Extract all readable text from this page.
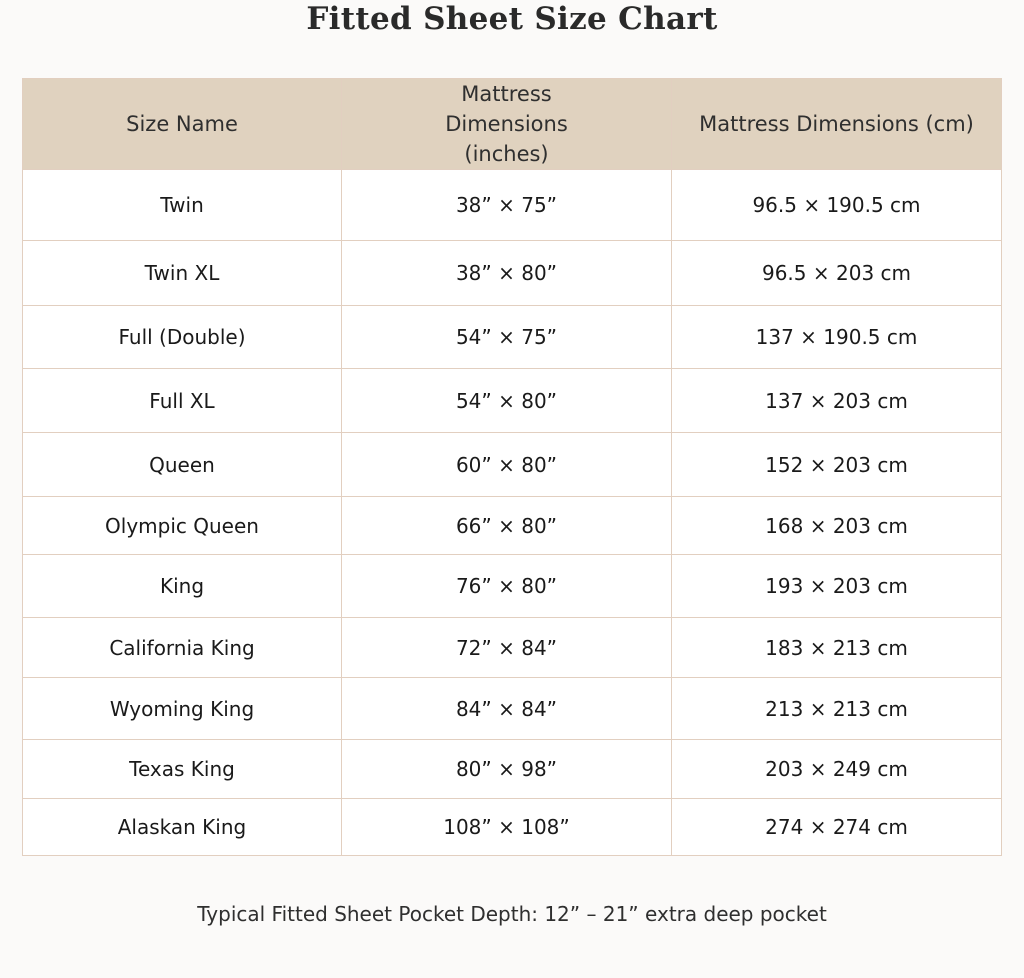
Fitted Sheet Size Chart
Size Name	Mattress Dimensions (inches)	Mattress Dimensions (cm)
Twin	38” × 75”	96.5 × 190.5 cm
Twin XL	38” × 80”	96.5 × 203 cm
Full (Double)	54” × 75”	137 × 190.5 cm
Full XL	54” × 80”	137 × 203 cm
Queen	60” × 80”	152 × 203 cm
Olympic Queen	66” × 80”	168 × 203 cm
King	76” × 80”	193 × 203 cm
California King	72” × 84”	183 × 213 cm
Wyoming King	84” × 84”	213 × 213 cm
Texas King	80” × 98”	203 × 249 cm
Alaskan King	108” × 108”	274 × 274 cm
Typical Fitted Sheet Pocket Depth: 12” – 21” extra deep pocket
